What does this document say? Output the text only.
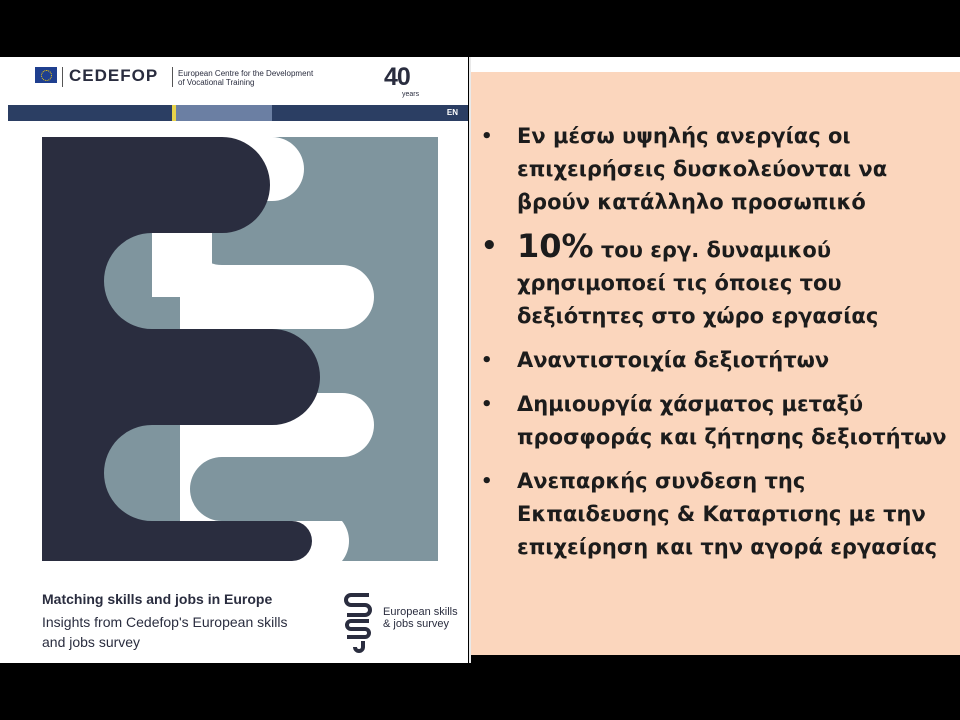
CEDEFOP European Centre for the Development of Vocational Training	40
years
EN
Matching skills and jobs in Europe
Insights from Cedefop's European skills and jobs survey
European skills & jobs survey
• Εν μέσω υψηλής ανεργίας οι επιχειρήσεις δυσκολεύονται να βρούν κατάλληλο προσωπικό
• 10% του εργ. δυναμικού χρησιμοποεί τις όποιες του δεξιότητες στο χώρο εργασίας
• Αναντιστοιχία δεξιοτήτων
• Δημιουργία χάσματος μεταξύ προσφοράς και ζήτησης δεξιοτήτων
• Ανεπαρκής συνδεση της Εκπαιδευσης & Καταρτισης με την επιχείρηση και την αγορά εργασίας
